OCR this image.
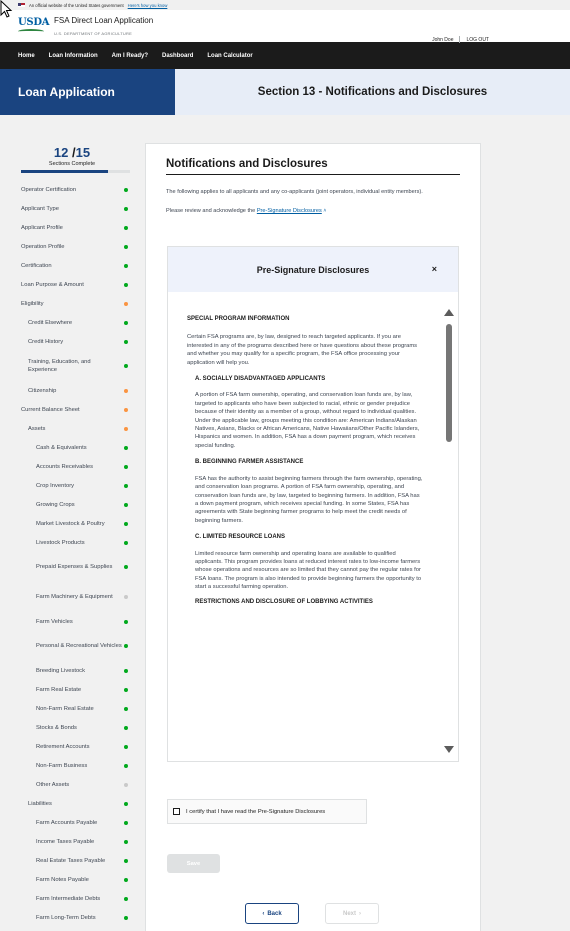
An official website of the United States government Here's how you know
USDA FSA Direct Loan Application
U.S. DEPARTMENT OF AGRICULTURE
John Doe	LOG OUT
Home Loan Information Am I Ready? Dashboard Loan Calculator
Loan Application	Section 13 - Notifications and Disclosures
12 /15
Sections Complete
Operator Certification
Applicant Type
Applicant Profile
Operation Profile
Certification
Loan Purpose & Amount
Eligibility
Credit Elsewhere
Credit History
Training, Education, and Experience
Citizenship
Current Balance Sheet
Assets
Cash & Equivalents
Accounts Receivables
Crop Inventory
Growing Crops
Market Livestock & Poultry
Livestock Products
Prepaid Expenses & Supplies
Farm Machinery & Equipment
Farm Vehicles
Personal & Recreational Vehicles
Breeding Livestock
Farm Real Estate
Non-Farm Real Estate
Stocks & Bonds
Retirement Accounts
Non-Farm Business
Other Assets
Liabilities
Farm Accounts Payable
Income Taxes Payable
Real Estate Taxes Payable
Farm Notes Payable
Farm Intermediate Debts
Farm Long-Term Debts
Notifications and Disclosures

The following applies to all applicants and any co-applicants (joint operators, individual entity members).

Please review and acknowledge the Pre-Signature Disclosures ˄

Pre-Signature Disclosures	×

SPECIAL PROGRAM INFORMATION

Certain FSA programs are, by law, designed to reach targeted applicants. If you are interested in any of the programs described here or have questions about these programs and whether you may qualify for a specific program, the FSA office processing your application will help you.

A. SOCIALLY DISADVANTAGED APPLICANTS

A portion of FSA farm ownership, operating, and conservation loan funds are, by law, targeted to applicants who have been subjected to racial, ethnic or gender prejudice because of their identity as a member of a group, without regard to individual qualities. Under the applicable law, groups meeting this condition are: American Indians/Alaskan Natives, Asians, Blacks or African Americans, Native Hawaiians/Other Pacific Islanders, Hispanics and women. In addition, FSA has a down payment program, which receives special funding.

B. BEGINNING FARMER ASSISTANCE

FSA has the authority to assist beginning farmers through the farm ownership, operating, and conservation loan programs. A portion of FSA farm ownership, operating, and conservation loan funds are, by law, targeted to beginning farmers. In addition, FSA has a down payment program, which receives special funding. In some States, FSA has agreements with State beginning farmer programs to help meet the credit needs of beginning farmers.

C. LIMITED RESOURCE LOANS

Limited resource farm ownership and operating loans are available to qualified applicants. This program provides loans at reduced interest rates to low-income farmers whose operations and resources are so limited that they cannot pay the regular rates for FSA loans. The program is also intended to provide beginning farmers the opportunity to start a successful farming operation.

RESTRICTIONS AND DISCLOSURE OF LOBBYING ACTIVITIES

I certify that I have read the Pre-Signature Disclosures
Save
‹ Back	Next ›
